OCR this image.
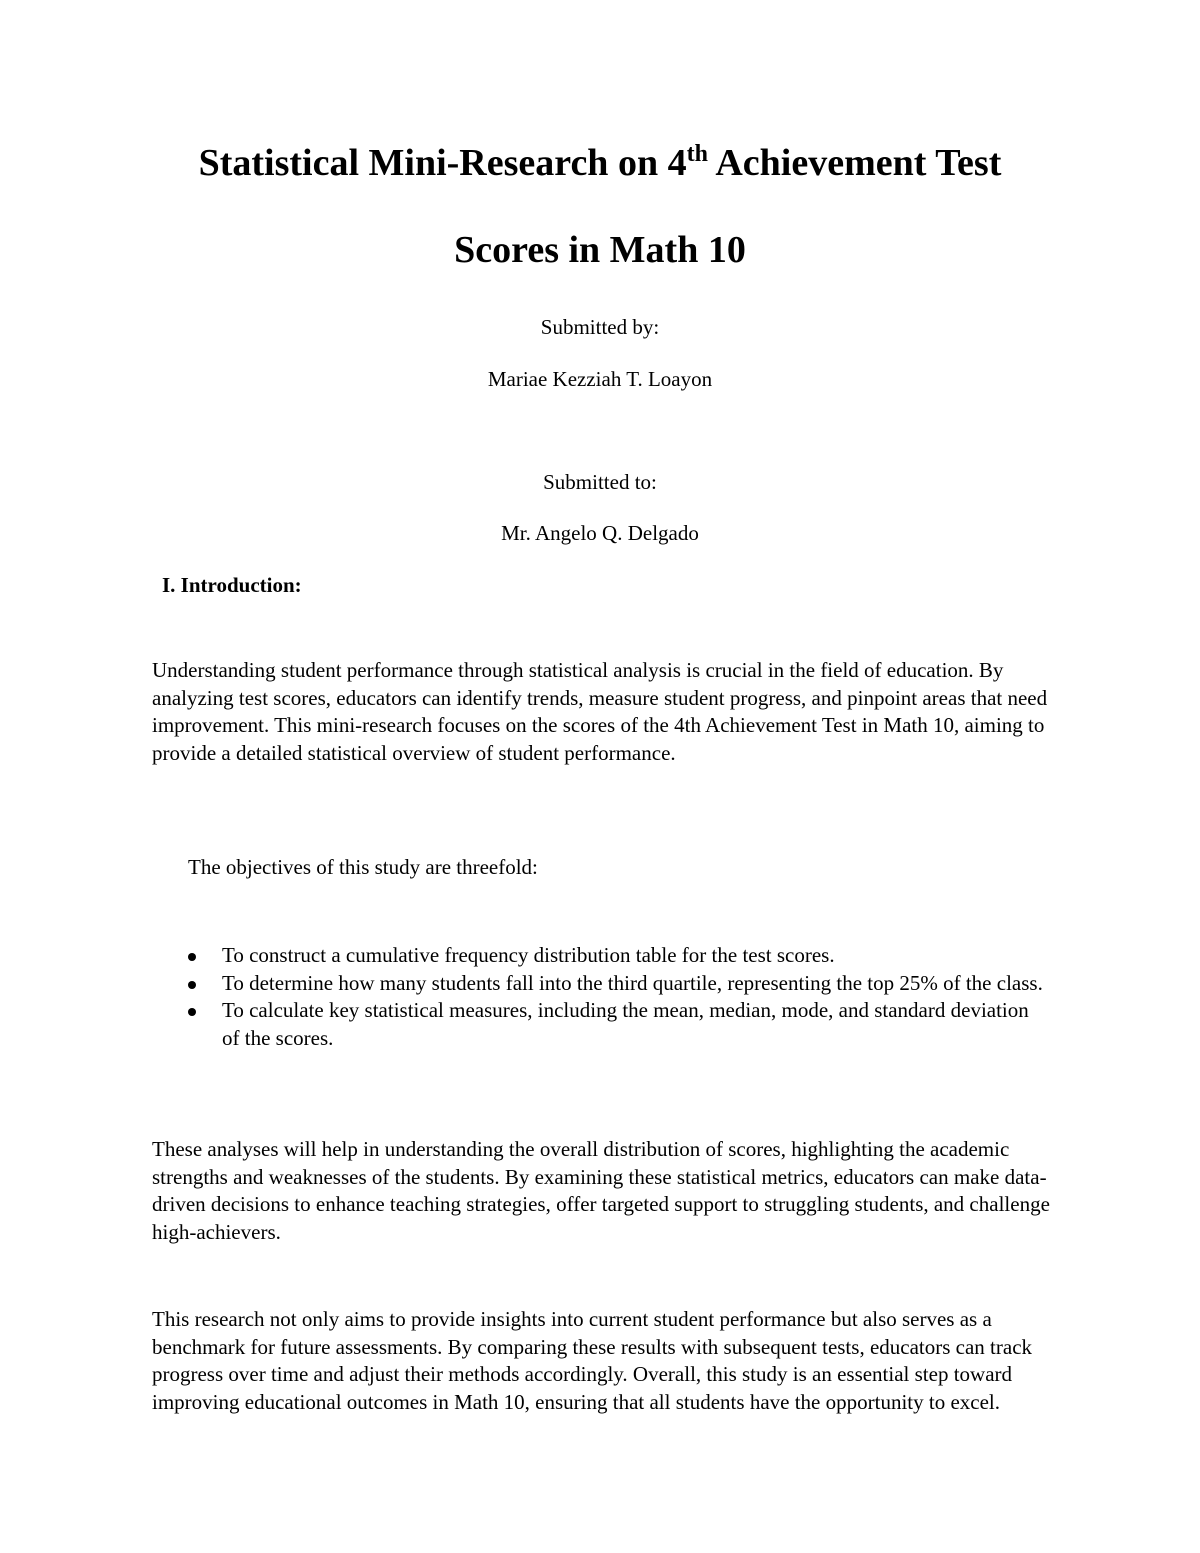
Statistical Mini-Research on 4th Achievement Test
Scores in Math 10
Submitted by:
Mariae Kezziah T. Loayon
Submitted to:
Mr. Angelo Q. Delgado
I. Introduction:

Understanding student performance through statistical analysis is crucial in the field of education. By analyzing test scores, educators can identify trends, measure student progress, and pinpoint areas that need improvement. This mini-research focuses on the scores of the 4th Achievement Test in Math 10, aiming to provide a detailed statistical overview of student performance.

The objectives of this study are threefold:

To construct a cumulative frequency distribution table for the test scores.
To determine how many students fall into the third quartile, representing the top 25% of the class.
To calculate key statistical measures, including the mean, median, mode, and standard deviation of the scores.

These analyses will help in understanding the overall distribution of scores, highlighting the academic strengths and weaknesses of the students. By examining these statistical metrics, educators can make data-driven decisions to enhance teaching strategies, offer targeted support to struggling students, and challenge high-achievers.

This research not only aims to provide insights into current student performance but also serves as a benchmark for future assessments. By comparing these results with subsequent tests, educators can track progress over time and adjust their methods accordingly. Overall, this study is an essential step toward improving educational outcomes in Math 10, ensuring that all students have the opportunity to excel.
